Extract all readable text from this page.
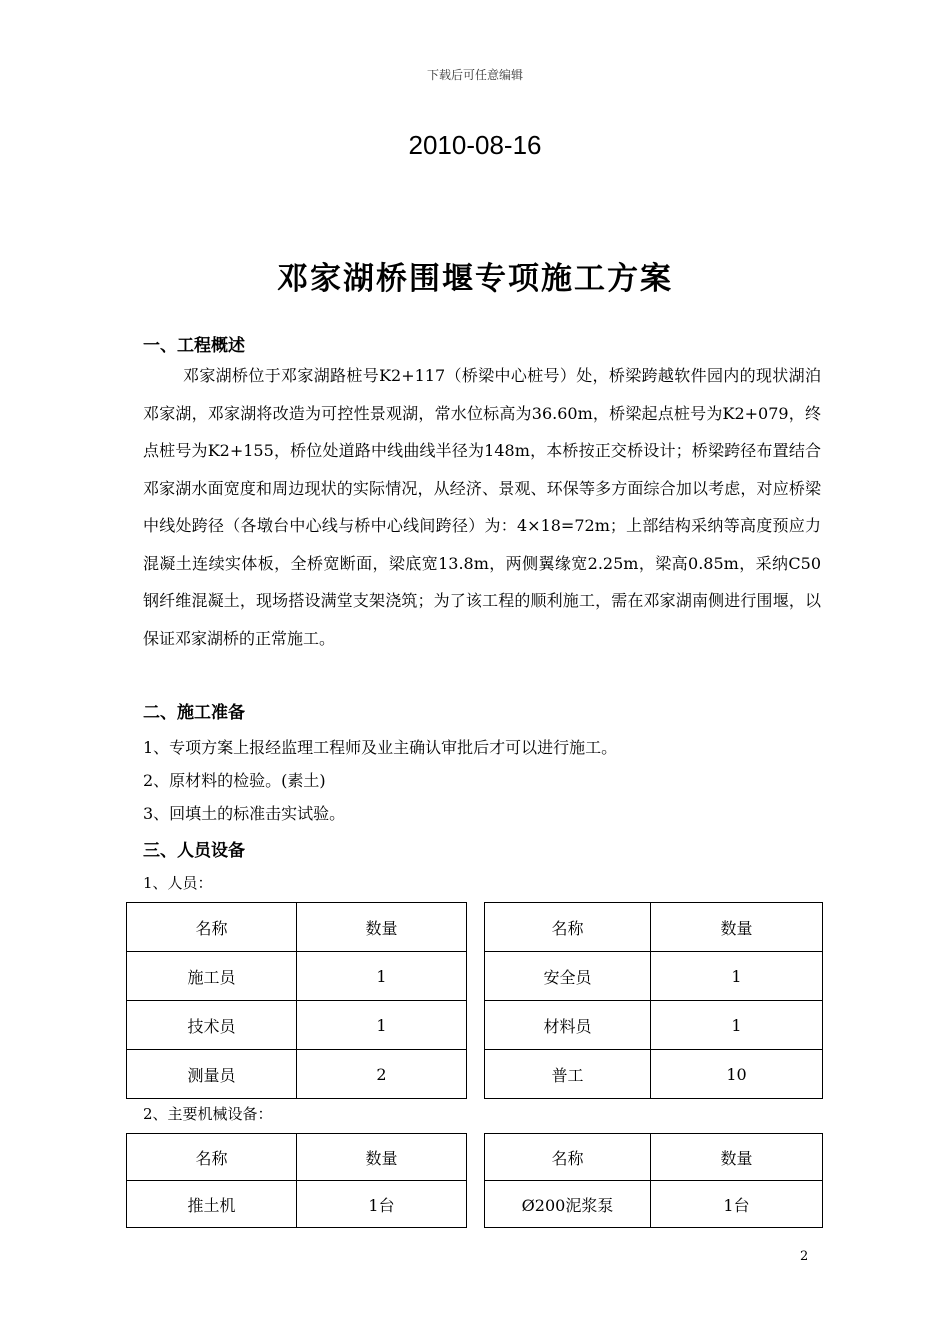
下载后可任意编辑
2010-08-16
邓家湖桥围堰专项施工方案
一、工程概述
邓家湖桥位于邓家湖路桩号K2+117（桥梁中心桩号）处，桥梁跨越软件园内的现状湖泊邓家湖，邓家湖将改造为可控性景观湖，常水位标高为36.60m，桥梁起点桩号为K2+079，终点桩号为K2+155，桥位处道路中线曲线半径为148m，本桥按正交桥设计；桥梁跨径布置结合邓家湖水面宽度和周边现状的实际情况，从经济、景观、环保等多方面综合加以考虑，对应桥梁中线处跨径（各墩台中心线与桥中心线间跨径）为：4×18=72m；上部结构采纳等高度预应力混凝土连续实体板，全桥宽断面，梁底宽13.8m，两侧翼缘宽2.25m，梁高0.85m，采纳C50钢纤维混凝土，现场搭设满堂支架浇筑；为了该工程的顺利施工，需在邓家湖南侧进行围堰，以保证邓家湖桥的正常施工。
二、施工准备
1、专项方案上报经监理工程师及业主确认审批后才可以进行施工。
2、原材料的检验。(素土)
3、回填土的标准击实试验。
三、人员设备
1、人员：
名称	数量		名称	数量
施工员	1		安全员	1
技术员	1		材料员	1
测量员	2		普工	10
2、主要机械设备：
名称	数量		名称	数量
推土机	1台		Ø200泥浆泵	1台
2
